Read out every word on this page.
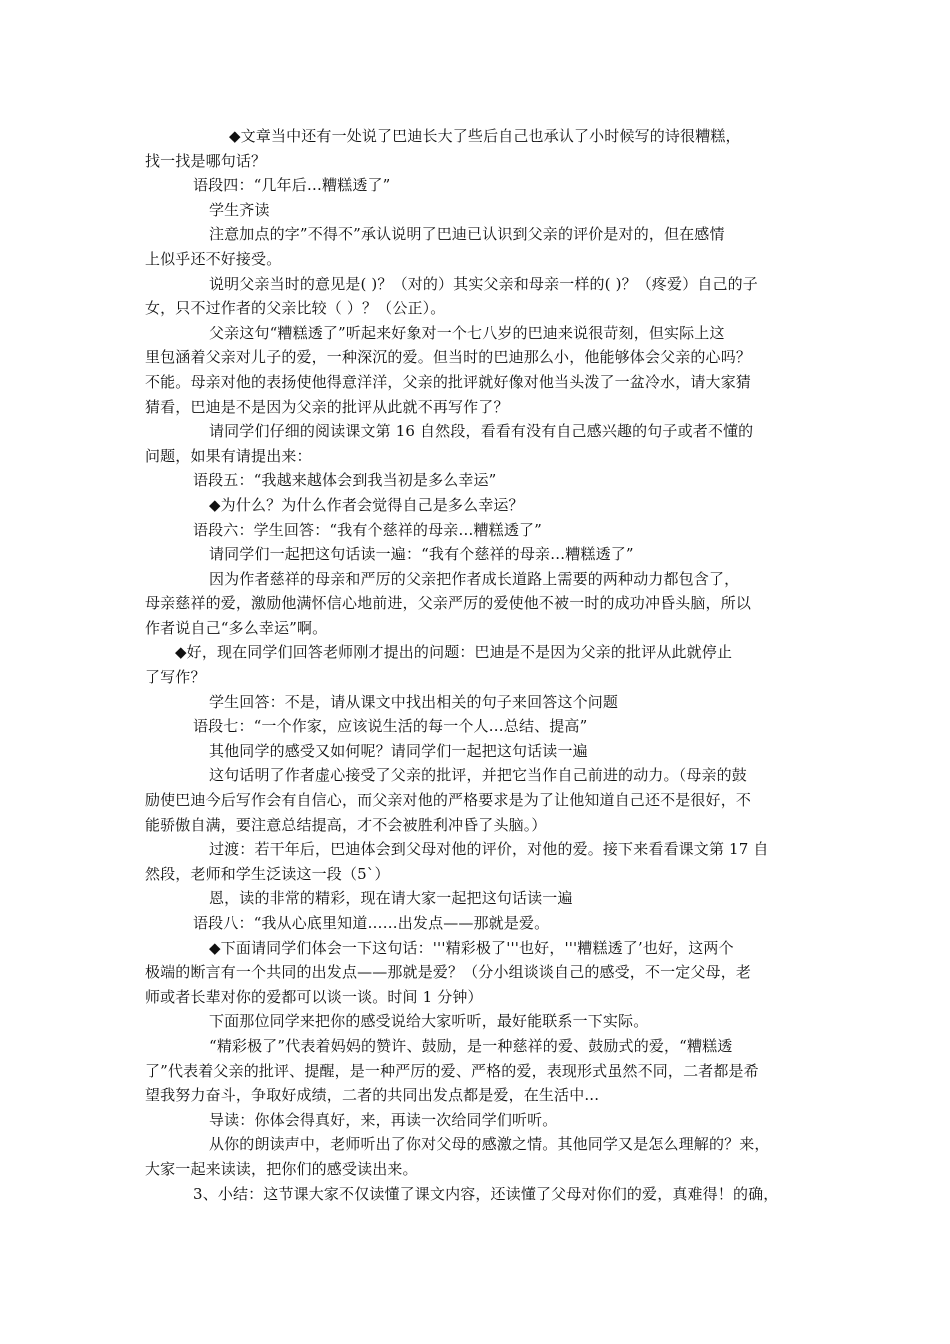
◆文章当中还有一处说了巴迪长大了些后自己也承认了小时候写的诗很糟糕，
找一找是哪句话？
语段四：“几年后…糟糕透了”
学生齐读
注意加点的字”不得不”承认说明了巴迪已认识到父亲的评价是对的，但在感情
上似乎还不好接受。
说明父亲当时的意见是( )？（对的）其实父亲和母亲一样的( )？（疼爱）自己的子
女，只不过作者的父亲比较（ ）？（公正）。
父亲这句“糟糕透了”听起来好象对一个七八岁的巴迪来说很苛刻，但实际上这
里包涵着父亲对儿子的爱，一种深沉的爱。但当时的巴迪那么小，他能够体会父亲的心吗？
不能。母亲对他的表扬使他得意洋洋，父亲的批评就好像对他当头泼了一盆冷水，请大家猜
猜看，巴迪是不是因为父亲的批评从此就不再写作了？
请同学们仔细的阅读课文第 16 自然段，看看有没有自己感兴趣的句子或者不懂的
问题，如果有请提出来：
语段五：“我越来越体会到我当初是多么幸运”
◆为什么？为什么作者会觉得自己是多么幸运？
语段六：学生回答：“我有个慈祥的母亲…糟糕透了”
请同学们一起把这句话读一遍：“我有个慈祥的母亲…糟糕透了”
因为作者慈祥的母亲和严厉的父亲把作者成长道路上需要的两种动力都包含了，
母亲慈祥的爱，激励他满怀信心地前进，父亲严厉的爱使他不被一时的成功冲昏头脑，所以
作者说自己“多么幸运”啊。
◆好，现在同学们回答老师刚才提出的问题：巴迪是不是因为父亲的批评从此就停止
了写作？
学生回答：不是，请从课文中找出相关的句子来回答这个问题
语段七：“一个作家，应该说生活的每一个人…总结、提高”
其他同学的感受又如何呢？请同学们一起把这句话读一遍
这句话明了作者虚心接受了父亲的批评，并把它当作自己前进的动力。（母亲的鼓
励使巴迪今后写作会有自信心，而父亲对他的严格要求是为了让他知道自己还不是很好，不
能骄傲自满，要注意总结提高，才不会被胜利冲昏了头脑。）
过渡：若干年后，巴迪体会到父母对他的评价，对他的爱。接下来看看课文第 17 自
然段，老师和学生泛读这一段（5`）
恩，读的非常的精彩，现在请大家一起把这句话读一遍
语段八：“我从心底里知道……出发点——那就是爱。
◆下面请同学们体会一下这句话：'''精彩极了'''也好，'''糟糕透了’也好，这两个
极端的断言有一个共同的出发点——那就是爱？（分小组谈谈自己的感受，不一定父母，老
师或者长辈对你的爱都可以谈一谈。时间 1 分钟）
下面那位同学来把你的感受说给大家听听，最好能联系一下实际。
“精彩极了”代表着妈妈的赞许、鼓励，是一种慈祥的爱、鼓励式的爱，“糟糕透
了”代表着父亲的批评、提醒，是一种严厉的爱、严格的爱，表现形式虽然不同，二者都是希
望我努力奋斗，争取好成绩，二者的共同出发点都是爱，在生活中...
导读：你体会得真好，来，再读一次给同学们听听。
从你的朗读声中，老师听出了你对父母的感激之情。其他同学又是怎么理解的？来，
大家一起来读读，把你们的感受读出来。
3、小结：这节课大家不仅读懂了课文内容，还读懂了父母对你们的爱，真难得！的确，
